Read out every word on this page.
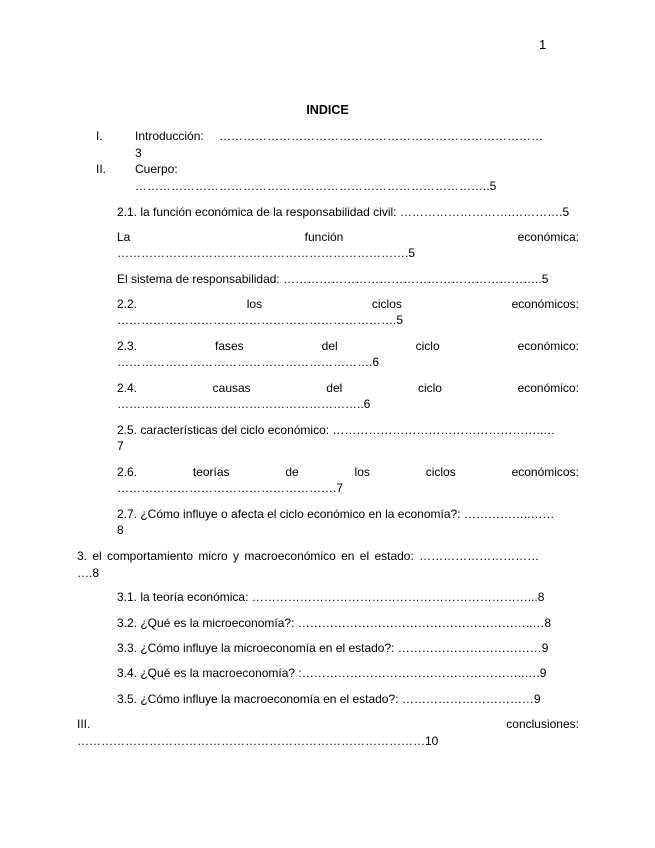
1
INDICE
I.	Introducción: ………………………………………………………………………
3
II. Cuerpo:
……………………………………………………………………………..5
2.1. la función económica de la responsabilidad civil: ……………………….………….5
La	función	económica:
……………………………………………………………….5
El sistema de responsabilidad: ………………………………………………………..5
2.2.	los	ciclos	económicos:
…………………………………………………………….5
2.3.	fases	del	ciclo	económico:
……………………………………………………….6
2.4.	causas	del	ciclo	económico:
……………………………………………………..6
2.5. características del ciclo económico: ……………………………………………..…
7
2.6.	teorías	de	los	ciclos	económicos:
……………………………………………….7
2.7. ¿Cómo influye o afecta el ciclo económico en la economía?: ……………..……
8
3. el comportamiento micro y macroeconómico en el estado: …………………………
….8
3.1. la teoría económica: ……………………………………………………………...8
3.2. ¿Qué es la microeconomía?: …………………………………………………..…8
3.3. ¿Cómo influye la microeconomía en el estado?: ………………………………9
3.4. ¿Qué es la macroeconomía? :………………………………………………..….9
3.5. ¿Cómo influye la macroeconomía en el estado?: ……………………………9
III.	conclusiones:
……………………………………………………………………………10
